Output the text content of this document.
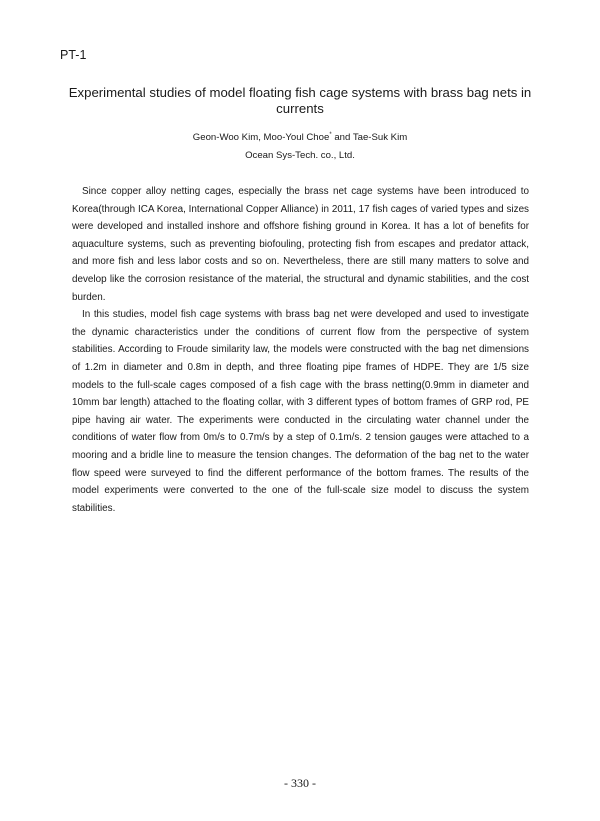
PT-1
Experimental studies of model floating fish cage systems with brass bag nets in currents
Geon-Woo Kim, Moo-Youl Choe* and Tae-Suk Kim
Ocean Sys-Tech. co., Ltd.

Since copper alloy netting cages, especially the brass net cage systems have been introduced to Korea(through ICA Korea, International Copper Alliance) in 2011, 17 fish cages of varied types and sizes were developed and installed inshore and offshore fishing ground in Korea. It has a lot of benefits for aquaculture systems, such as preventing biofouling, protecting fish from escapes and predator attack, and more fish and less labor costs and so on. Nevertheless, there are still many matters to solve and develop like the corrosion resistance of the material, the structural and dynamic stabilities, and the cost burden.

In this studies, model fish cage systems with brass bag net were developed and used to investigate the dynamic characteristics under the conditions of current flow from the perspective of system stabilities. According to Froude similarity law, the models were constructed with the bag net dimensions of 1.2m in diameter and 0.8m in depth, and three floating pipe frames of HDPE. They are 1/5 size models to the full-scale cages composed of a fish cage with the brass netting(0.9mm in diameter and 10mm bar length) attached to the floating collar, with 3 different types of bottom frames of GRP rod, PE pipe having air water. The experiments were conducted in the circulating water channel under the conditions of water flow from 0m/s to 0.7m/s by a step of 0.1m/s. 2 tension gauges were attached to a mooring and a bridle line to measure the tension changes. The deformation of the bag net to the water flow speed were surveyed to find the different performance of the bottom frames. The results of the model experiments were converted to the one of the full-scale size model to discuss the system stabilities.

- 330 -
